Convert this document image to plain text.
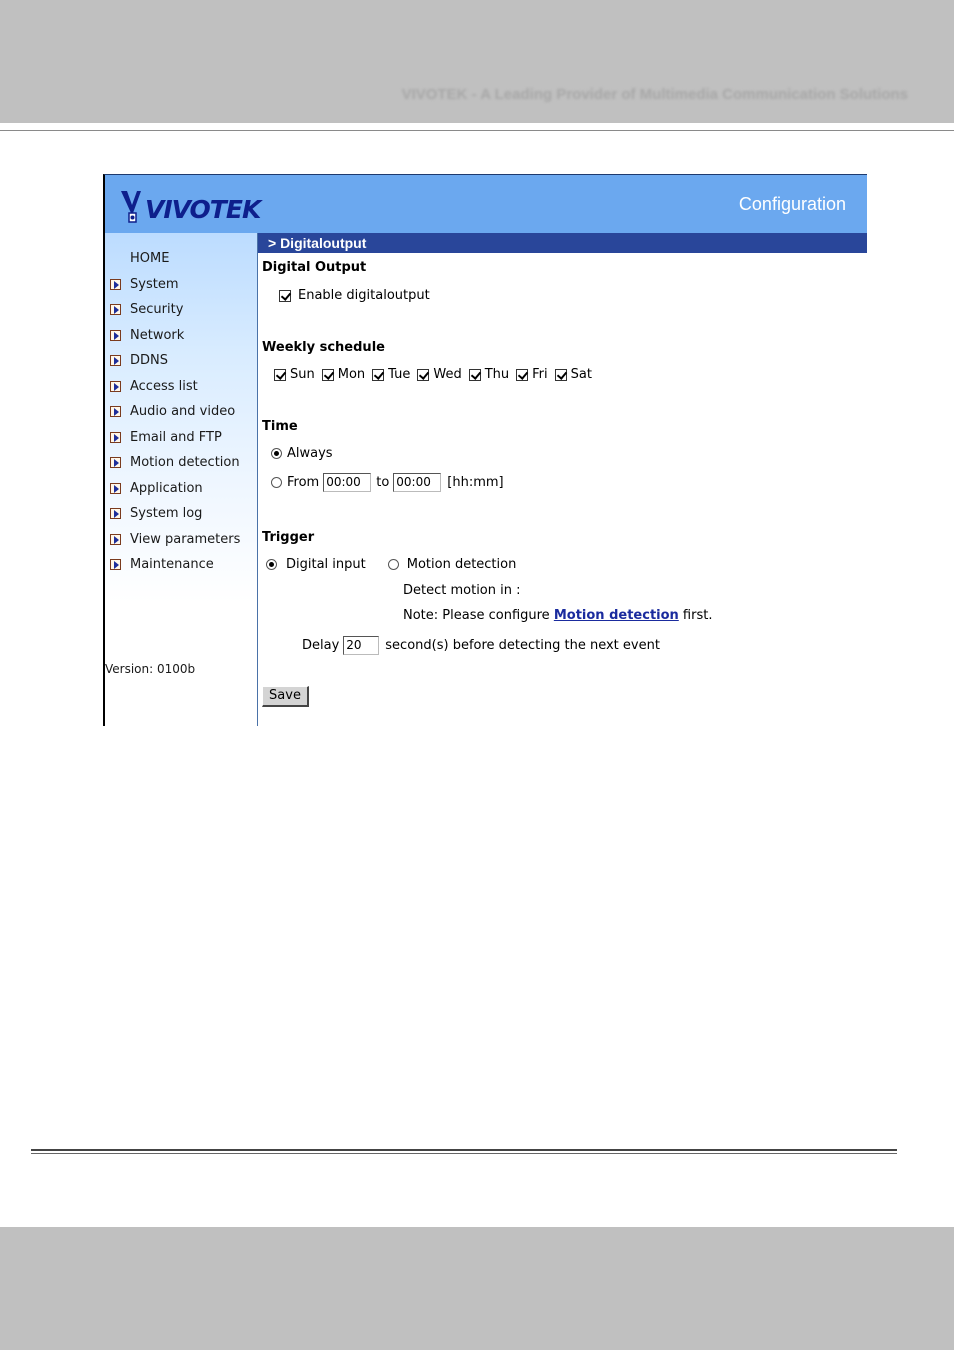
VIVOTEK - A Leading Provider of Multimedia Communication Solutions
VIVOTEK	Configuration
HOME
System
Security
Network
DDNS
Access list
Audio and video
Email and FTP
Motion detection
Application
System log
View parameters
Maintenance
Version: 0100b
> Digitaloutput
Digital Output
Enable digitaloutput
Weekly schedule
Sun Mon Tue Wed Thu Fri Sat
Time
Always
From 00:00	to 00:00	[hh:mm]
Trigger
Digital input	Motion detection
Detect motion in :
Note: Please configure Motion detection first.
Delay 20	second(s) before detecting the next event
Save
